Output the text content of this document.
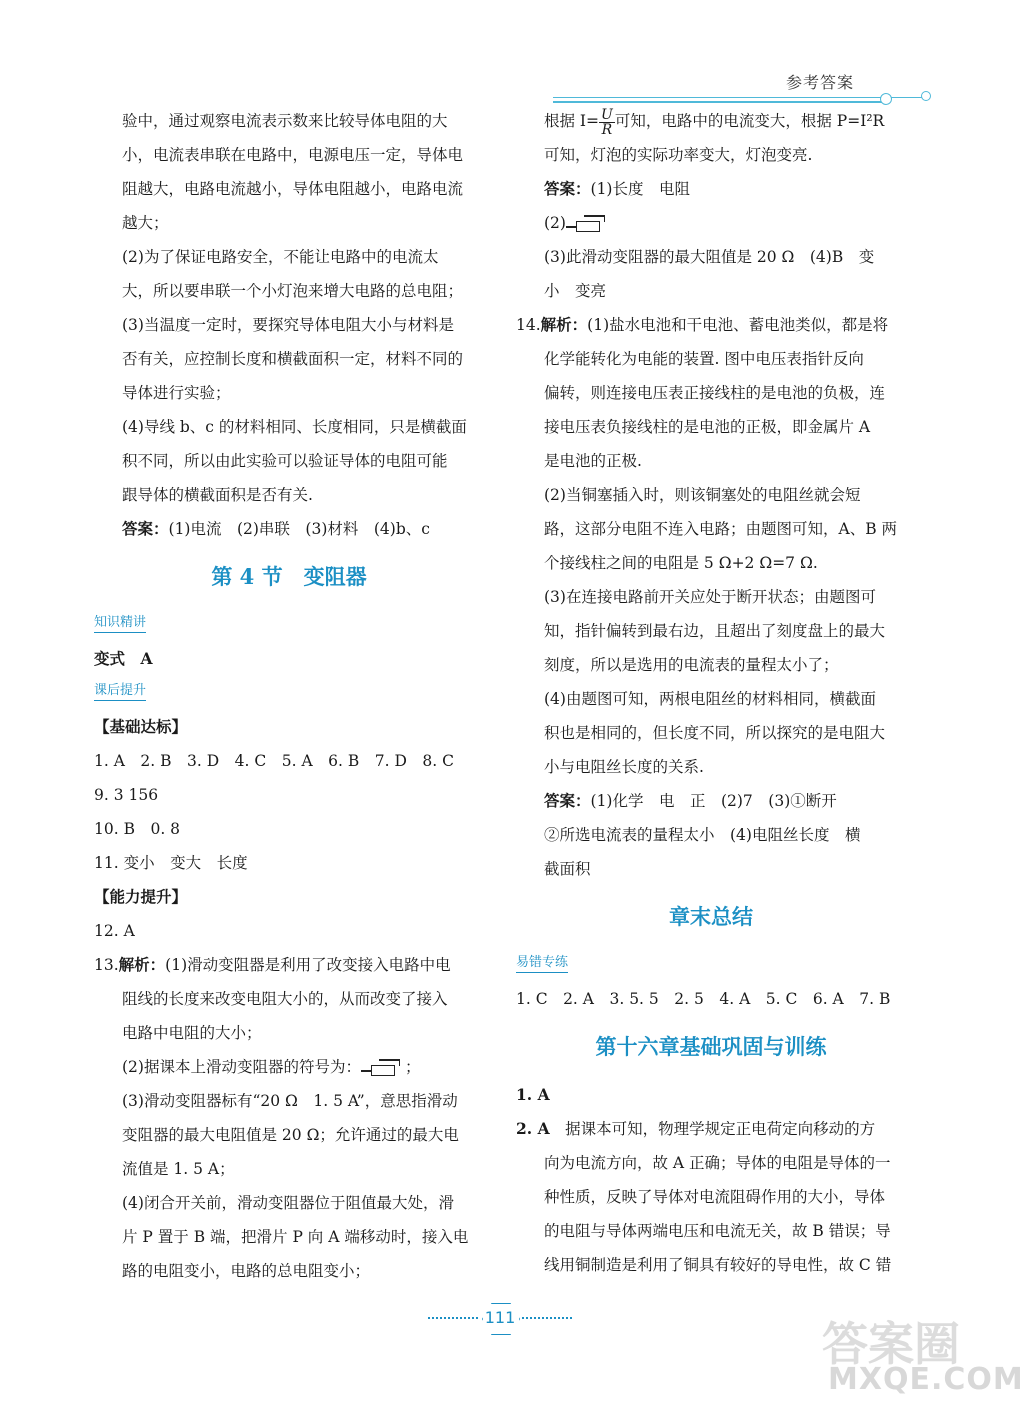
参考答案
验中，通过观察电流表示数来比较导体电阻的大
小，电流表串联在电路中，电源电压一定，导体电
阻越大，电路电流越小，导体电阻越小，电路电流
越大；
(2)为了保证电路安全，不能让电路中的电流太
大，所以要串联一个小灯泡来增大电路的总电阻；
(3)当温度一定时，要探究导体电阻大小与材料是
否有关，应控制长度和横截面积一定，材料不同的
导体进行实验；
(4)导线 b、c 的材料相同、长度相同，只是横截面
积不同，所以由此实验可以验证导体的电阻可能
跟导体的横截面积是否有关.
答案：(1)电流　(2)串联　(3)材料　(4)b、c
第 4 节　变阻器
知识精讲
变式　A
课后提升
【基础达标】
1. A　2. B　3. D　4. C　5. A　6. B　7. D　8. C
9. 3 156
10. B　0. 8
11. 变小　变大　长度
【能力提升】
12. A
13.解析：(1)滑动变阻器是利用了改变接入电路中电
阻线的长度来改变电阻大小的，从而改变了接入
电路中电阻的大小；
(2)据课本上滑动变阻器的符号为：	；
(3)滑动变阻器标有“20 Ω　1. 5 A”，意思指滑动
变阻器的最大电阻值是 20 Ω；允许通过的最大电
流值是 1. 5 A；
(4)闭合开关前，滑动变阻器位于阻值最大处，滑
片 P 置于 B 端，把滑片 P 向 A 端移动时，接入电
路的电阻变小，电路的总电阻变小；
根据 $I= \frac{U}{R}$ 可知，电路中的电流变大，根据 P=I²R
可知，灯泡的实际功率变大，灯泡变亮.
答案：(1)长度　电阻
(2)
(3)此滑动变阻器的最大阻值是 20 Ω　(4)B　变
小　变亮
14.解析：(1)盐水电池和干电池、蓄电池类似，都是将
化学能转化为电能的装置. 图中电压表指针反向
偏转，则连接电压表正接线柱的是电池的负极，连
接电压表负接线柱的是电池的正极，即金属片 A
是电池的正极.
(2)当铜塞插入时，则该铜塞处的电阻丝就会短
路，这部分电阻不连入电路；由题图可知，A、B 两
个接线柱之间的电阻是 5 Ω+2 Ω=7 Ω.
(3)在连接电路前开关应处于断开状态；由题图可
知，指针偏转到最右边，且超出了刻度盘上的最大
刻度，所以是选用的电流表的量程太小了；
(4)由题图可知，两根电阻丝的材料相同，横截面
积也是相同的，但长度不同，所以探究的是电阻大
小与电阻丝长度的关系.
答案：(1)化学　电　正　(2)7　(3)①断开
②所选电流表的量程太小　(4)电阻丝长度　横
截面积
章末总结
易错专练
1. C　2. A　3. 5. 5　2. 5　4. A　5. C　6. A　7. B
第十六章基础巩固与训练
1. A
2. A　 据课本可知，物理学规定正电荷定向移动的方
向为电流方向，故 A 正确；导体的电阻是导体的一
种性质，反映了导体对电流阻碍作用的大小，导体
的电阻与导体两端电压和电流无关，故 B 错误；导
线用铜制造是利用了铜具有较好的导电性，故 C 错
111	答案圈
MXQE.COM
